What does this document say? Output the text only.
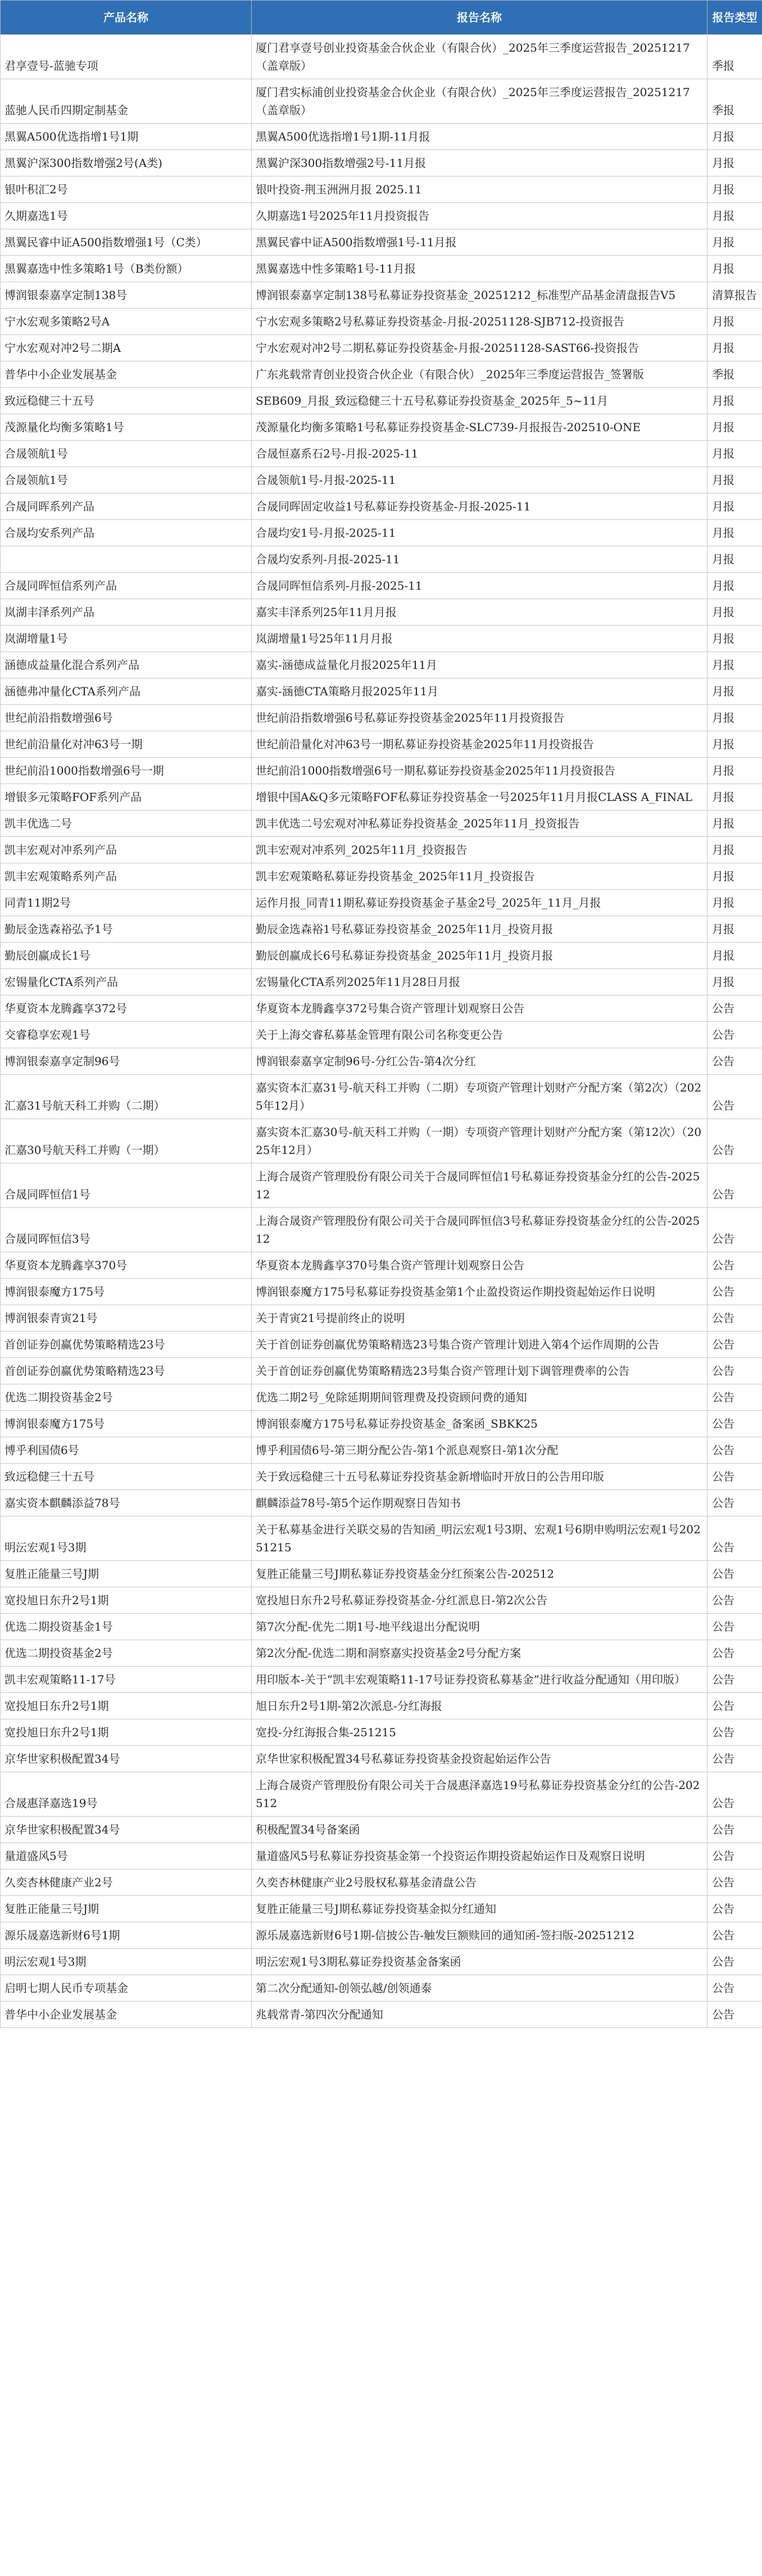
产品名称	报告名称	报告类型
君享壹号-蓝驰专项	厦门君享壹号创业投资基金合伙企业（有限合伙）_2025年三季度运营报告_20251217（盖章版）	季报
蓝驰人民币四期定制基金	厦门君实标浦创业投资基金合伙企业（有限合伙）_2025年三季度运营报告_20251217（盖章版）	季报
黑翼A500优选指增1号1期	黑翼A500优选指增1号1期-11月报	月报
黑翼沪深300指数增强2号(A类)	黑翼沪深300指数增强2号-11月报	月报
银叶积汇2号	银叶投资-荆玉洲洲月报 2025.11	月报
久期嘉选1号	久期嘉选1号2025年11月投资报告	月报
黑翼民睿中证A500指数增强1号（C类）	黑翼民睿中证A500指数增强1号-11月报	月报
黑翼嘉选中性多策略1号（B类份额）	黑翼嘉选中性多策略1号-11月报	月报
博润银泰嘉享定制138号	博润银泰嘉享定制138号私募证券投资基金_20251212_标准型产品基金清盘报告V5	清算报告
宁水宏观多策略2号A	宁水宏观多策略2号私募证券投资基金-月报-20251128-SJB712-投资报告	月报
宁水宏观对冲2号二期A	宁水宏观对冲2号二期私募证券投资基金-月报-20251128-SAST66-投资报告	月报
普华中小企业发展基金	广东兆载常青创业投资合伙企业（有限合伙）_2025年三季度运营报告_签署版	季报
致远稳健三十五号	SEB609_月报_致远稳健三十五号私募证券投资基金_2025年_5~11月	月报
茂源量化均衡多策略1号	茂源量化均衡多策略1号私募证券投资基金-SLC739-月报报告-202510-ONE	月报
合晟领航1号	合晟恒嘉系石2号-月报-2025-11	月报
合晟领航1号	合晟领航1号-月报-2025-11	月报
合晟同晖系列产品	合晟同晖固定收益1号私募证券投资基金-月报-2025-11	月报
合晟均安系列产品	合晟均安1号-月报-2025-11	月报
	合晟均安系列-月报-2025-11	月报
合晟同晖恒信系列产品	合晟同晖恒信系列-月报-2025-11	月报
岚湖丰泽系列产品	嘉实丰泽系列25年11月月报	月报
岚湖增量1号	岚湖增量1号25年11月月报	月报
涵德成益量化混合系列产品	嘉实-涵德成益量化月报2025年11月	月报
涵德弗冲量化CTA系列产品	嘉实-涵德CTA策略月报2025年11月	月报
世纪前沿指数增强6号	世纪前沿指数增强6号私募证券投资基金2025年11月投资报告	月报
世纪前沿量化对冲63号一期	世纪前沿量化对冲63号一期私募证券投资基金2025年11月投资报告	月报
世纪前沿1000指数增强6号一期	世纪前沿1000指数增强6号一期私募证券投资基金2025年11月投资报告	月报
增银多元策略FOF系列产品	增银中国A&Q多元策略FOF私募证券投资基金一号2025年11月月报CLASS A_FINAL	月报
凯丰优选二号	凯丰优选二号宏观对冲私募证券投资基金_2025年11月_投资报告	月报
凯丰宏观对冲系列产品	凯丰宏观对冲系列_2025年11月_投资报告	月报
凯丰宏观策略系列产品	凯丰宏观策略私募证券投资基金_2025年11月_投资报告	月报
同青11期2号	运作月报_同青11期私募证券投资基金子基金2号_2025年_11月_月报	月报
勤辰金选森裕弘予1号	勤辰金选森裕1号私募证券投资基金_2025年11月_投资月报	月报
勤辰创赢成长1号	勤辰创赢成长6号私募证券投资基金_2025年11月_投资月报	月报
宏锡量化CTA系列产品	宏锡量化CTA系列2025年11月28日月报	月报
华夏资本龙腾鑫享372号	华夏资本龙腾鑫享372号集合资产管理计划观察日公告	公告
交睿稳享宏观1号	关于上海交睿私募基金管理有限公司名称变更公告	公告
博润银泰嘉享定制96号	博润银泰嘉享定制96号-分红公告-第4次分红	公告
汇嘉31号航天科工并购（二期）	嘉实资本汇嘉31号-航天科工并购（二期）专项资产管理计划财产分配方案（第2次）（2025年12月）	公告
汇嘉30号航天科工并购（一期）	嘉实资本汇嘉30号-航天科工并购（一期）专项资产管理计划财产分配方案（第12次）（2025年12月）	公告
合晟同晖恒信1号	上海合晟资产管理股份有限公司关于合晟同晖恒信1号私募证券投资基金分红的公告-202512	公告
合晟同晖恒信3号	上海合晟资产管理股份有限公司关于合晟同晖恒信3号私募证券投资基金分红的公告-202512	公告
华夏资本龙腾鑫享370号	华夏资本龙腾鑫享370号集合资产管理计划观察日公告	公告
博润银泰魔方175号	博润银泰魔方175号私募证券投资基金第1个止盈投资运作期投资起始运作日说明	公告
博润银泰青寅21号	关于青寅21号提前终止的说明	公告
首创证券创赢优势策略精选23号	关于首创证券创赢优势策略精选23号集合资产管理计划进入第4个运作周期的公告	公告
首创证券创赢优势策略精选23号	关于首创证券创赢优势策略精选23号集合资产管理计划下调管理费率的公告	公告
优选二期投资基金2号	优选二期2号_免除延期期间管理费及投资顾问费的通知	公告
博润银泰魔方175号	博润银泰魔方175号私募证券投资基金_备案函_SBKK25	公告
博乎利国债6号	博乎利国债6号-第三期分配公告-第1个派息观察日-第1次分配	公告
致远稳健三十五号	关于致远稳健三十五号私募证券投资基金新增临时开放日的公告用印版	公告
嘉实资本麒麟添益78号	麒麟添益78号-第5个运作期观察日告知书	公告
明沄宏观1号3期	关于私募基金进行关联交易的告知函_明沄宏观1号3期、宏观1号6期申购明沄宏观1号20251215	公告
复胜正能量三号J期	复胜正能量三号J期私募证券投资基金分红预案公告-202512	公告
宽投旭日东升2号1期	宽投旭日东升2号私募证券投资基金-分红派息日-第2次公告	公告
优选二期投资基金1号	第7次分配-优先二期1号-地平线退出分配说明	公告
优选二期投资基金2号	第2次分配-优选二期和洞察嘉实投资基金2号分配方案	公告
凯丰宏观策略11-17号	用印版本-关于“凯丰宏观策略11-17号证券投资私募基金”进行收益分配通知（用印版）	公告
宽投旭日东升2号1期	旭日东升2号1期-第2次派息-分红海报	公告
宽投旭日东升2号1期	宽投-分红海报合集-251215	公告
京华世家积极配置34号	京华世家积极配置34号私募证券投资基金投资起始运作公告	公告
合晟惠泽嘉选19号	上海合晟资产管理股份有限公司关于合晟惠泽嘉选19号私募证券投资基金分红的公告-202512	公告
京华世家积极配置34号	积极配置34号备案函	公告
量道盛风5号	量道盛风5号私募证券投资基金第一个投资运作期投资起始运作日及观察日说明	公告
久奕杏林健康产业2号	久奕杏林健康产业2号股权私募基金清盘公告	公告
复胜正能量三号J期	复胜正能量三号J期私募证券投资基金拟分红通知	公告
源乐晟嘉选新财6号1期	源乐晟嘉选新财6号1期-信披公告-触发巨额赎回的通知函-签扫版-20251212	公告
明沄宏观1号3期	明沄宏观1号3期私募证券投资基金备案函	公告
启明七期人民币专项基金	第二次分配通知-创领弘越/创领通泰	公告
普华中小企业发展基金	兆载常青-第四次分配通知	公告
